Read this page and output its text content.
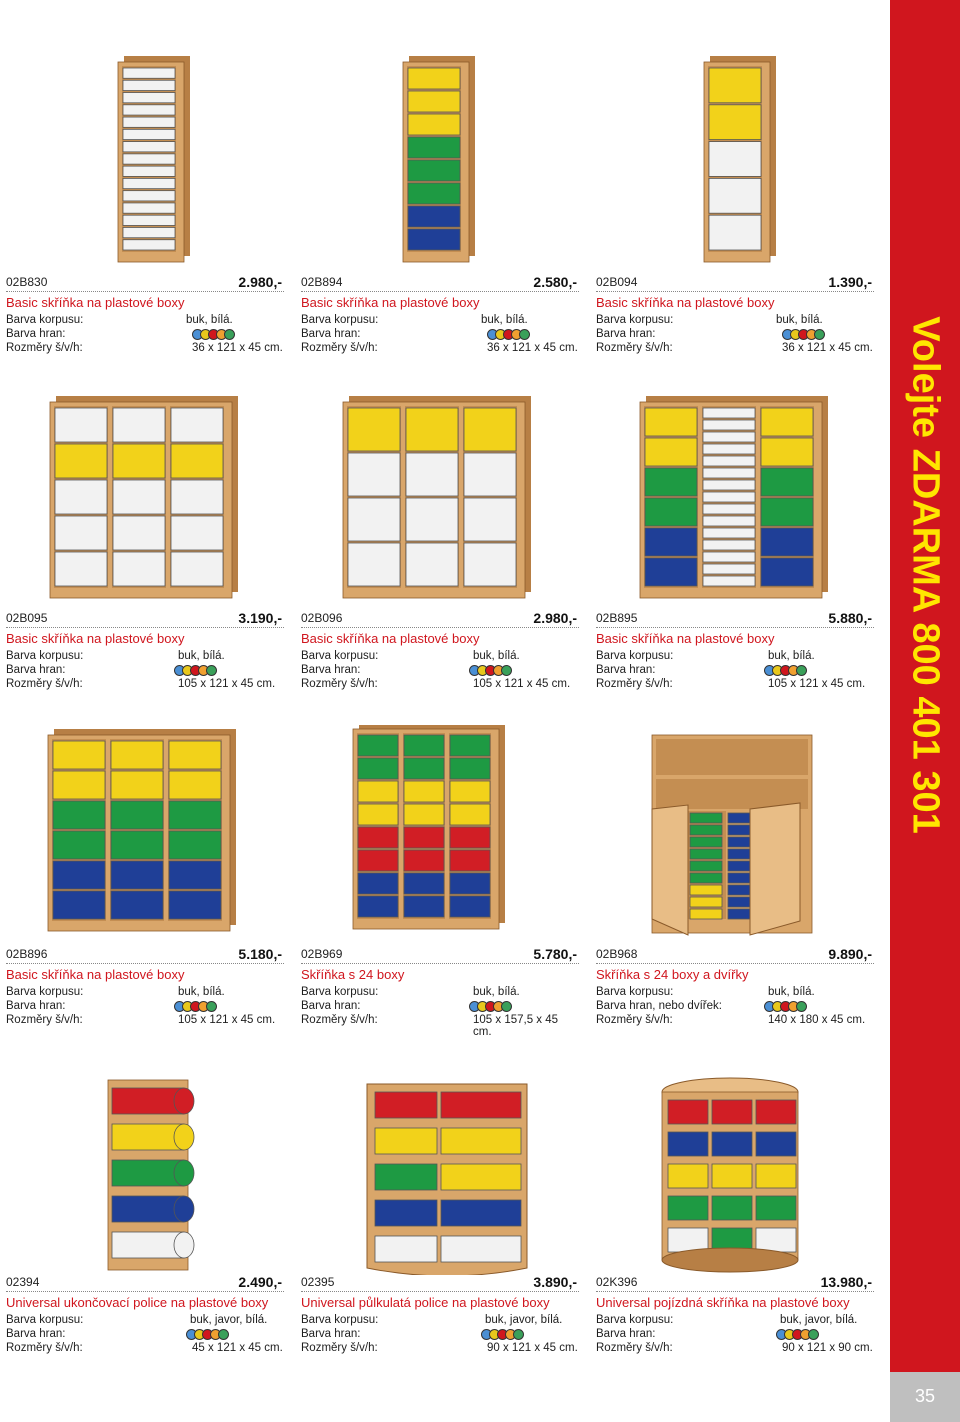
02B830	2.980,-
Basic skříňka na plastové boxy
Barva korpusu:	buk, bílá.
Barva hran:
Rozměry š/v/h:	36 x 121 x 45 cm.
02B894	2.580,-
Basic skříňka na plastové boxy
Barva korpusu:	buk, bílá.
Barva hran:
Rozměry š/v/h:	36 x 121 x 45 cm.
02B094	1.390,-
Basic skříňka na plastové boxy
Barva korpusu:	buk, bílá.
Barva hran:
Rozměry š/v/h:	36 x 121 x 45 cm.
02B095	3.190,-
Basic skříňka na plastové boxy
Barva korpusu:	buk, bílá.
Barva hran:
Rozměry š/v/h:	105 x 121 x 45 cm.
02B096	2.980,-
Basic skříňka na plastové boxy
Barva korpusu:	buk, bílá.
Barva hran:
Rozměry š/v/h:	105 x 121 x 45 cm.
02B895	5.880,-
Basic skříňka na plastové boxy
Barva korpusu:	buk, bílá.
Barva hran:
Rozměry š/v/h:	105 x 121 x 45 cm.
02B896	5.180,-
Basic skříňka na plastové boxy
Barva korpusu:	buk, bílá.
Barva hran:
Rozměry š/v/h:	105 x 121 x 45 cm.
02B969	5.780,-
Skříňka s 24 boxy
Barva korpusu:	buk, bílá.
Barva hran:
Rozměry š/v/h:	105 x 157,5 x 45 cm.
02B968	9.890,-
Skříňka s 24 boxy a dvířky
Barva korpusu:	buk, bílá.
Barva hran, nebo dvířek:
Rozměry š/v/h:	140 x 180 x 45 cm.
02394	2.490,-
Universal ukončovací police na plastové boxy
Barva korpusu:	buk, javor, bílá.
Barva hran:
Rozměry š/v/h:	45 x 121 x 45 cm.
02395	3.890,-
Universal půlkulatá police na plastové boxy
Barva korpusu:	buk, javor, bílá.
Barva hran:
Rozměry š/v/h:	90 x 121 x 45 cm.
02K396	13.980,-
Universal pojízdná skříňka na plastové boxy
Barva korpusu:	buk, javor, bílá.
Barva hran:
Rozměry š/v/h:	90 x 121 x 90 cm.
Volejte ZDARMA 800 401 301
35
